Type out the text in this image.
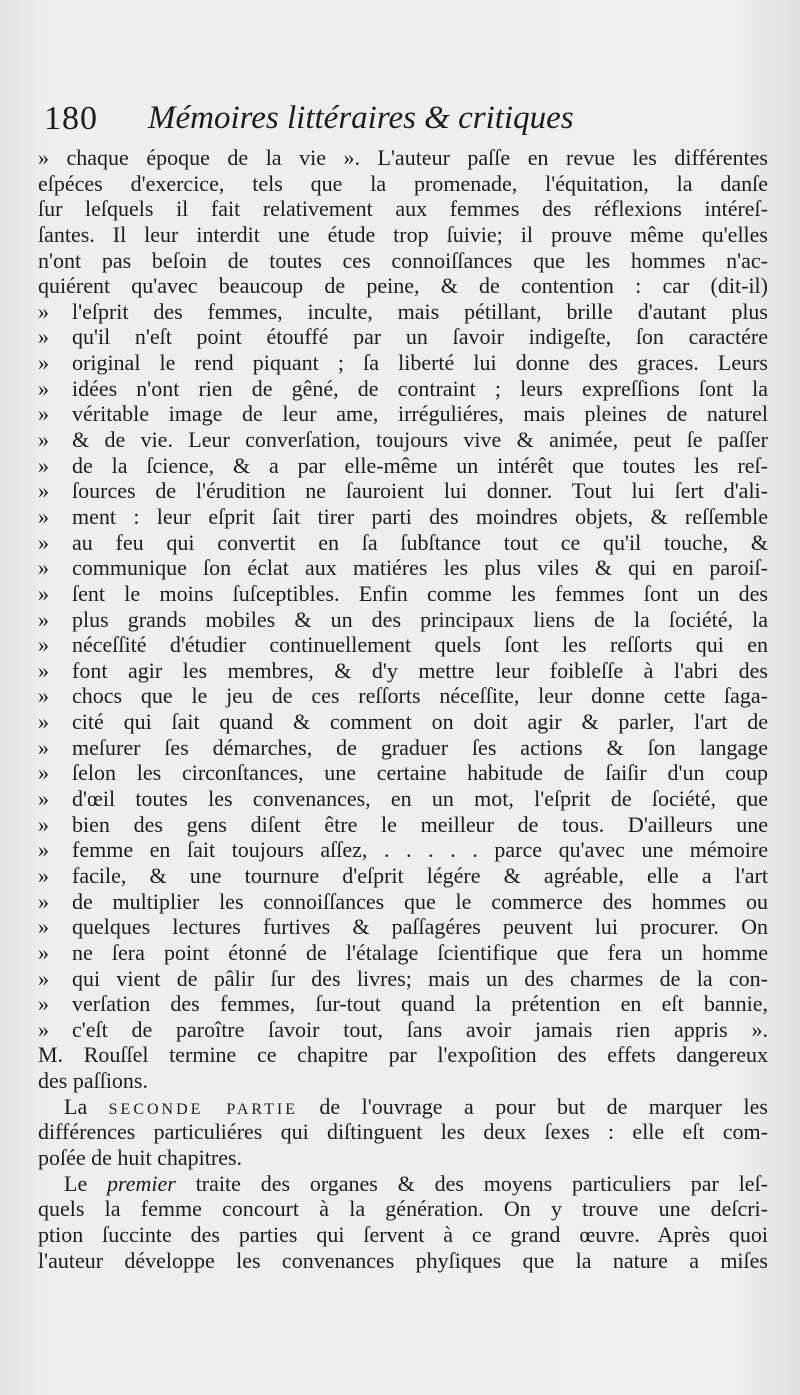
180 Mémoires littéraires & critiques
» chaque époque de la vie ». L'auteur paſſe en revue les différentes
eſpéces d'exercice, tels que la promenade, l'équitation, la danſe
ſur leſquels il fait relativement aux femmes des réflexions intéreſ-
ſantes. Il leur interdit une étude trop ſuivie; il prouve même qu'elles
n'ont pas beſoin de toutes ces connoiſſances que les hommes n'ac-
quiérent qu'avec beaucoup de peine, & de contention : car (dit-il)
» l'eſprit des femmes, inculte, mais pétillant, brille d'autant plus
» qu'il n'eſt point étouffé par un ſavoir indigeſte, ſon caractére
» original le rend piquant ; ſa liberté lui donne des graces. Leurs
» idées n'ont rien de gêné, de contraint ; leurs expreſſions ſont la
» véritable image de leur ame, irréguliéres, mais pleines de naturel
» & de vie. Leur converſation, toujours vive & animée, peut ſe paſſer
» de la ſcience, & a par elle-même un intérêt que toutes les reſ-
» ſources de l'érudition ne ſauroient lui donner. Tout lui ſert d'ali-
» ment : leur eſprit ſait tirer parti des moindres objets, & reſſemble
» au feu qui convertit en ſa ſubſtance tout ce qu'il touche, &
» communique ſon éclat aux matiéres les plus viles & qui en paroiſ-
» ſent le moins ſuſceptibles. Enfin comme les femmes ſont un des
» plus grands mobiles & un des principaux liens de la ſociété, la
» néceſſité d'étudier continuellement quels ſont les reſſorts qui en
» font agir les membres, & d'y mettre leur foibleſſe à l'abri des
» chocs que le jeu de ces reſſorts néceſſite, leur donne cette ſaga-
» cité qui ſait quand & comment on doit agir & parler, l'art de
» meſurer ſes démarches, de graduer ſes actions & ſon langage
» ſelon les circonſtances, une certaine habitude de ſaiſir d'un coup
» d'œil toutes les convenances, en un mot, l'eſprit de ſociété, que
» bien des gens diſent être le meilleur de tous. D'ailleurs une
» femme en ſait toujours aſſez, . . . . . parce qu'avec une mémoire
» facile, & une tournure d'eſprit légére & agréable, elle a l'art
» de multiplier les connoiſſances que le commerce des hommes ou
» quelques lectures furtives & paſſagéres peuvent lui procurer. On
» ne ſera point étonné de l'étalage ſcientifique que fera un homme
» qui vient de pâlir ſur des livres; mais un des charmes de la con-
» verſation des femmes, ſur-tout quand la prétention en eſt bannie,
» c'eſt de paroître ſavoir tout, ſans avoir jamais rien appris ».
M. Rouſſel termine ce chapitre par l'expoſition des effets dangereux
des paſſions.
La SECONDE PARTIE de l'ouvrage a pour but de marquer les
différences particuliéres qui diſtinguent les deux ſexes : elle eſt com-
poſée de huit chapitres.
Le premier traite des organes & des moyens particuliers par leſ-
quels la femme concourt à la génération. On y trouve une deſcri-
ption ſuccinte des parties qui ſervent à ce grand œuvre. Après quoi
l'auteur développe les convenances phyſiques que la nature a miſes
